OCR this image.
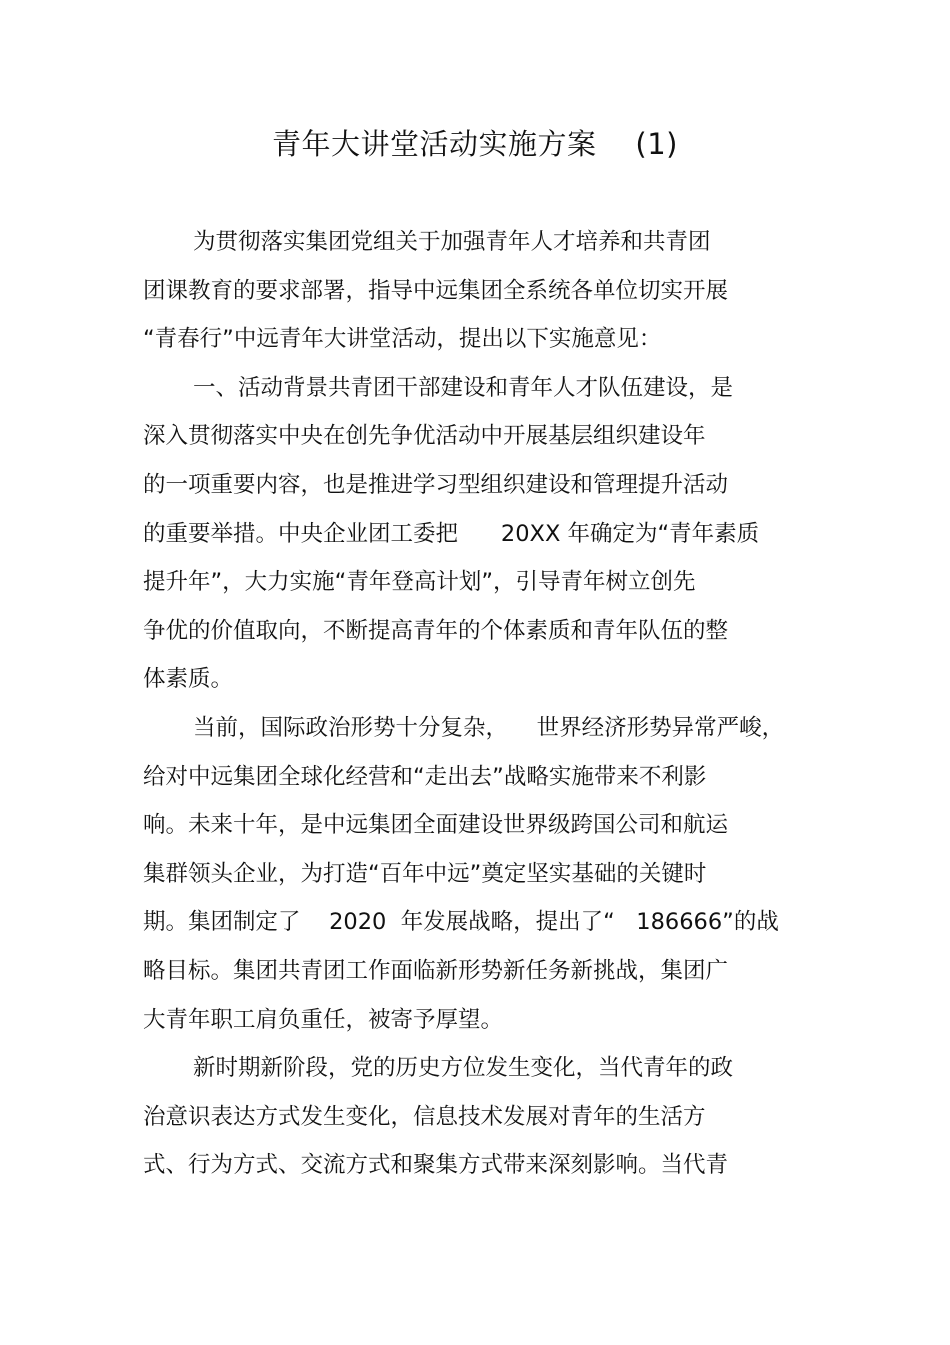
青年大讲堂活动实施方案    (1)
为贯彻落实集团党组关于加强青年人才培养和共青团
团课教育的要求部署，指导中远集团全系统各单位切实开展
“青春行”中远青年大讲堂活动，提出以下实施意见：
一、活动背景共青团干部建设和青年人才队伍建设，是
深入贯彻落实中央在创先争优活动中开展基层组织建设年
的一项重要内容，也是推进学习型组织建设和管理提升活动
的重要举措。中央企业团工委把      20XX 年确定为“青年素质
提升年”，大力实施“青年登高计划”，引导青年树立创先
争优的价值取向，不断提高青年的个体素质和青年队伍的整
体素质。
当前，国际政治形势十分复杂，    世界经济形势异常严峻，
给对中远集团全球化经营和“走出去”战略实施带来不利影
响。未来十年，是中远集团全面建设世界级跨国公司和航运
集群领头企业，为打造“百年中远”奠定坚实基础的关键时
期。集团制定了    2020  年发展战略，提出了“   186666”的战
略目标。集团共青团工作面临新形势新任务新挑战，集团广
大青年职工肩负重任，被寄予厚望。
新时期新阶段，党的历史方位发生变化，当代青年的政
治意识表达方式发生变化，信息技术发展对青年的生活方
式、行为方式、交流方式和聚集方式带来深刻影响。当代青
